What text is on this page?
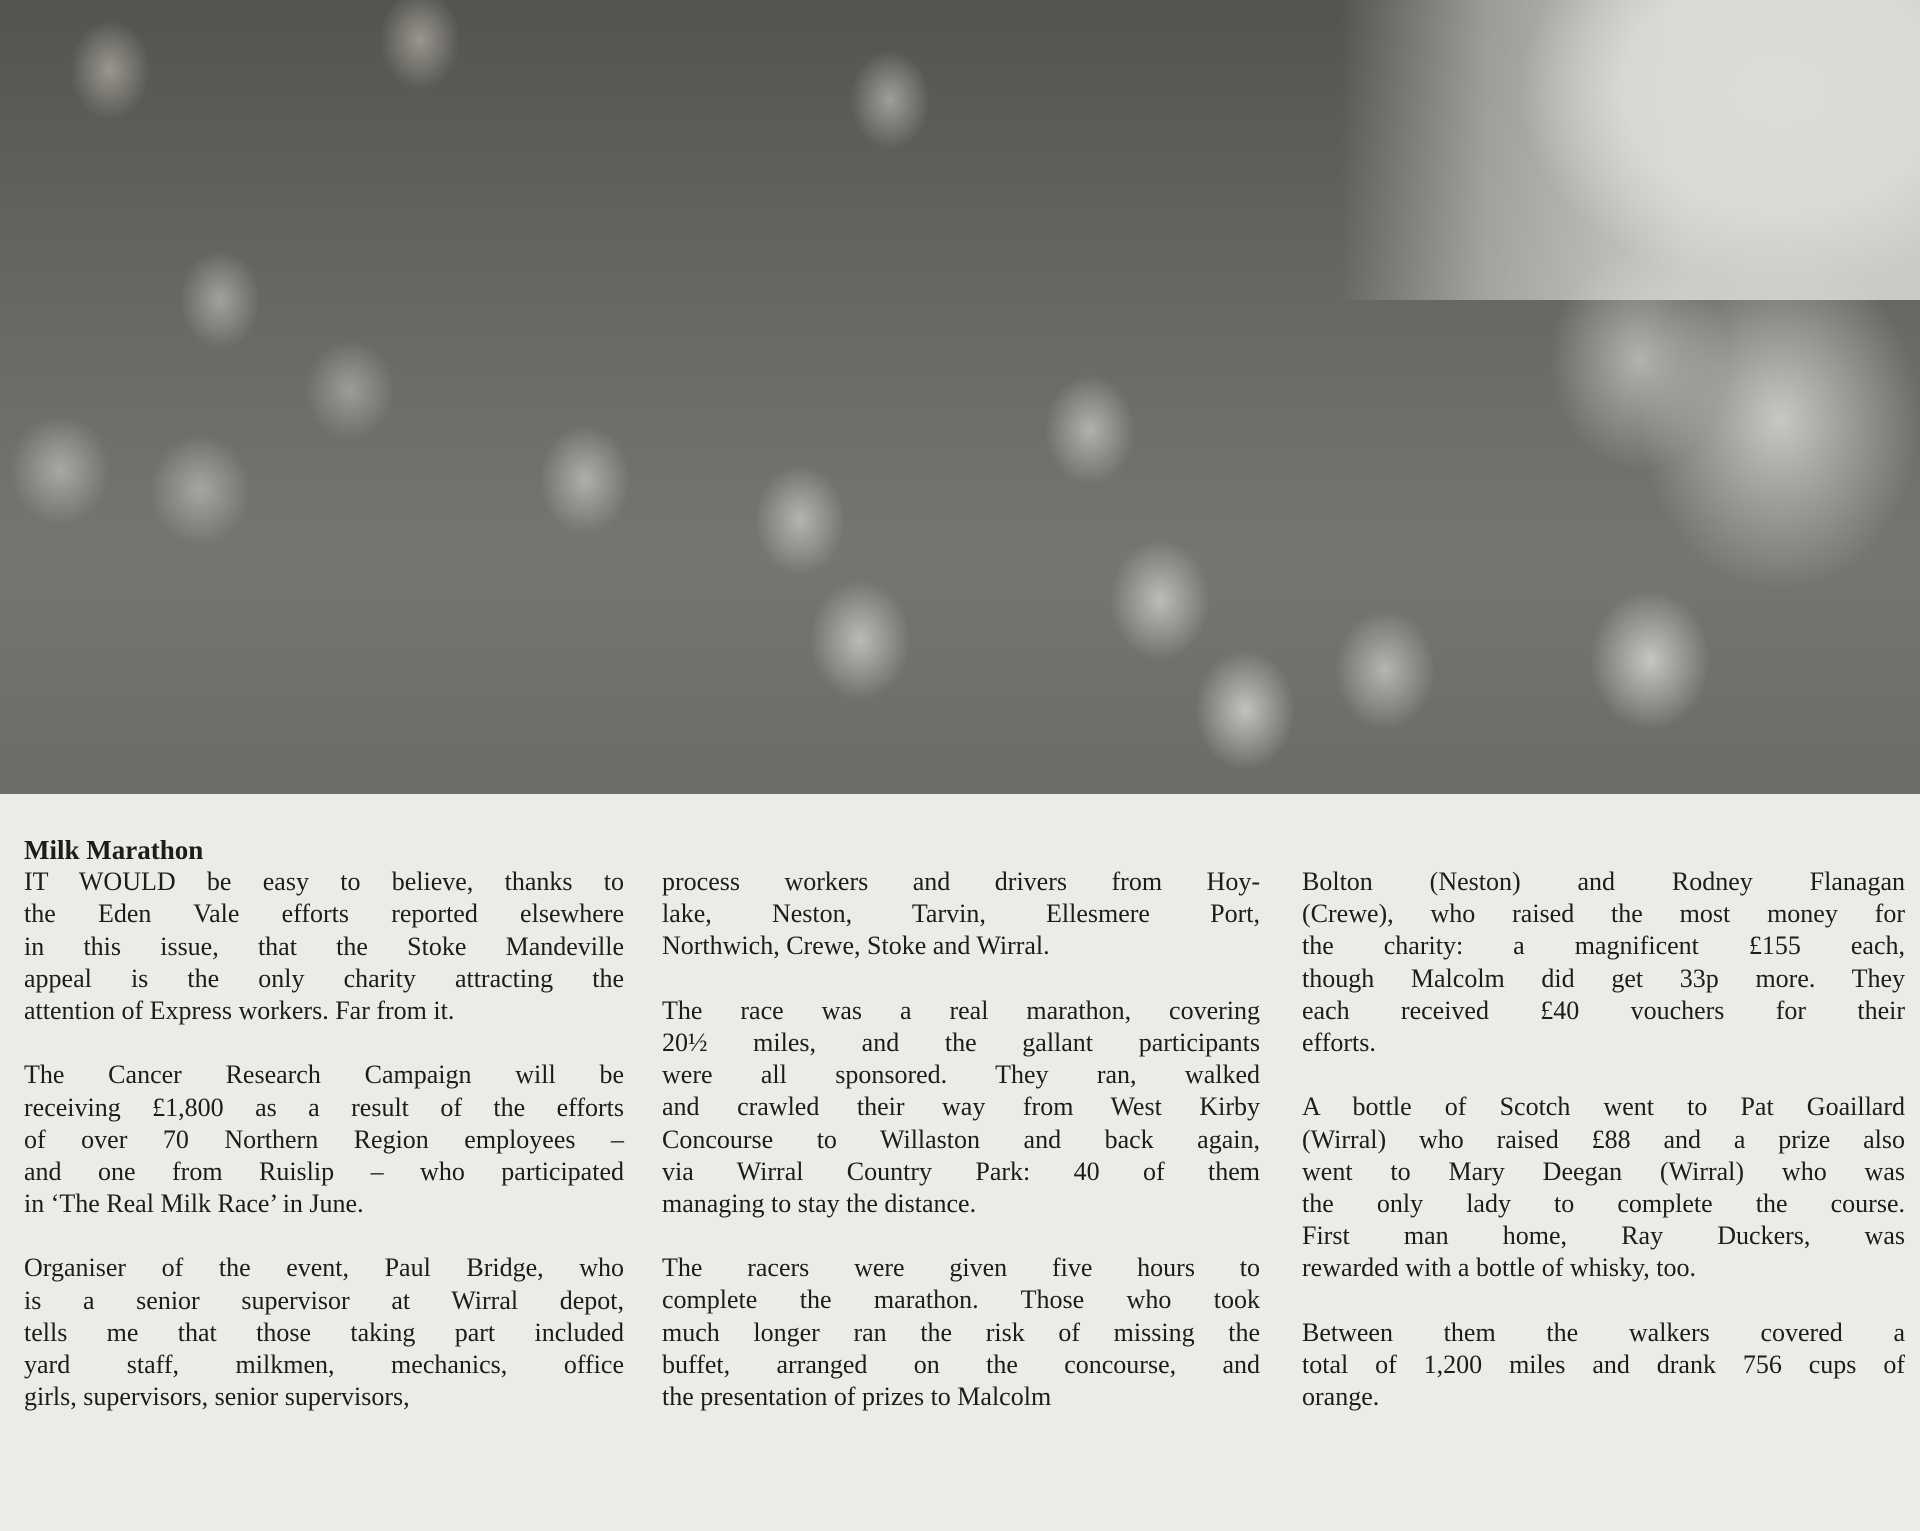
Milk Marathon
IT WOULD be easy to believe, thanks to
the Eden Vale efforts reported elsewhere
in this issue, that the Stoke Mandeville
appeal is the only charity attracting the
attention of Express workers. Far from it.
The Cancer Research Campaign will be
receiving £1,800 as a result of the efforts
of over 70 Northern Region employees –
and one from Ruislip – who participated
in ‘The Real Milk Race’ in June.
Organiser of the event, Paul Bridge, who
is a senior supervisor at Wirral depot,
tells me that those taking part included
yard staff, milkmen, mechanics, office
girls, supervisors, senior supervisors,
process workers and drivers from Hoy-
lake, Neston, Tarvin, Ellesmere Port,
Northwich, Crewe, Stoke and Wirral.
The race was a real marathon, covering
20½ miles, and the gallant participants
were all sponsored. They ran, walked
and crawled their way from West Kirby
Concourse to Willaston and back again,
via Wirral Country Park: 40 of them
managing to stay the distance.
The racers were given five hours to
complete the marathon. Those who took
much longer ran the risk of missing the
buffet, arranged on the concourse, and
the presentation of prizes to Malcolm
Bolton (Neston) and Rodney Flanagan
(Crewe), who raised the most money for
the charity: a magnificent £155 each,
though Malcolm did get 33p more. They
each received £40 vouchers for their
efforts.
A bottle of Scotch went to Pat Goaillard
(Wirral) who raised £88 and a prize also
went to Mary Deegan (Wirral) who was
the only lady to complete the course.
First man home, Ray Duckers, was
rewarded with a bottle of whisky, too.
Between them the walkers covered a
total of 1,200 miles and drank 756 cups of
orange.
